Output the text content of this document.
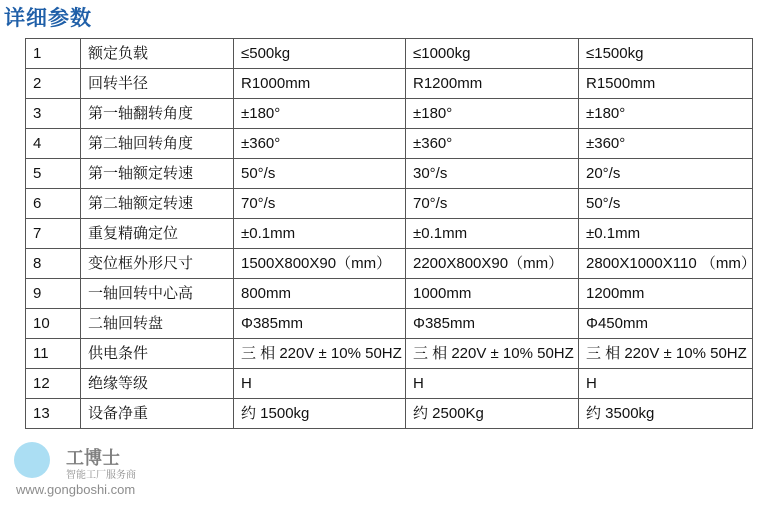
详细参数
1	额定负载	≤500kg	≤1000kg	≤1500kg
2	回转半径	R1000mm	R1200mm	R1500mm
3	第一轴翻转角度	±180°	±180°	±180°
4	第二轴回转角度	±360°	±360°	±360°
5	第一轴额定转速	50°/s	30°/s	20°/s
6	第二轴额定转速	70°/s	70°/s	50°/s
7	重复精确定位	±0.1mm	±0.1mm	±0.1mm
8	变位框外形尺寸	1500X800X90（mm）	2200X800X90（mm）	2800X1000X110 （mm）
9	一轴回转中心高	800mm	1000mm	1200mm
10	二轴回转盘	Φ385mm	Φ385mm	Φ450mm
11	供电条件	三 相 220V ± 10% 50HZ	三 相 220V ± 10% 50HZ	三 相 220V ± 10% 50HZ
12	绝缘等级	H	H	H
13	设备净重	约 1500kg	约 2500Kg	约 3500kg
工博士
智能工厂服务商
www.gongboshi.com
